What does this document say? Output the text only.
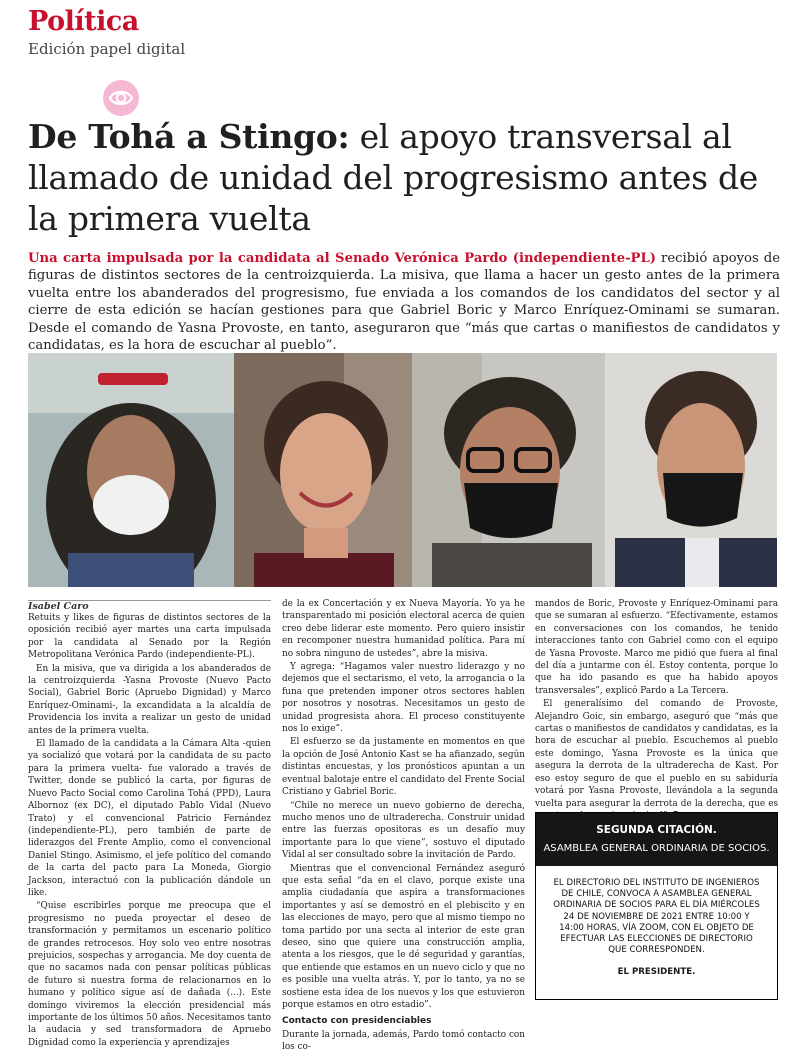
Política
Edición papel digital
De Tohá a Stingo: el apoyo transversal al llamado de unidad del progresismo antes de la primera vuelta
Una carta impulsada por la candidata al Senado Verónica Pardo (independiente-PL) recibió apoyos de figuras de distintos sectores de la centroizquierda. La misiva, que llama a hacer un gesto antes de la primera vuelta entre los abanderados del progresismo, fue enviada a los comandos de los candidatos del sector y al cierre de esta edición se hacían gestiones para que Gabriel Boric y Marco Enríquez-Ominami se sumaran. Desde el comando de Yasna Provoste, en tanto, aseguraron que “más que cartas o manifiestos de candidatos y candidatas, es la hora de escuchar al pueblo”.
Isabel Caro

Retuits y likes de figuras de distintos sectores de la oposición recibió ayer martes una carta impulsada por la candidata al Senado por la Región Metropolitana Verónica Pardo (independiente-PL).

En la misiva, que va dirigida a los abanderados de la centroizquierda -Yasna Provoste (Nuevo Pacto Social), Gabriel Boric (Apruebo Dignidad) y Marco Enríquez-Ominami-, la excandidata a la alcaldía de Providencia los invita a realizar un gesto de unidad antes de la primera vuelta.

El llamado de la candidata a la Cámara Alta -quien ya socializó que votará por la candidata de su pacto para la primera vuelta- fue valorado a través de Twitter, donde se publicó la carta, por figuras de Nuevo Pacto Social como Carolina Tohá (PPD), Laura Albornoz (ex DC), el diputado Pablo Vidal (Nuevo Trato) y el convencional Patricio Fernández (independiente-PL), pero también de parte de liderazgos del Frente Amplio, como el convencional Daniel Stingo. Asimismo, el jefe político del comando de la carta del pacto para La Moneda, Giorgio Jackson, interactuó con la publicación dándole un like.

“Quise escribirles porque me preocupa que el progresismo no pueda proyectar el deseo de transformación y permitamos un escenario político de grandes retrocesos. Hoy solo veo entre nosotras prejuicios, sospechas y arrogancia. Me doy cuenta de que no sacamos nada con pensar políticas públicas de futuro si nuestra forma de relacionarnos en lo humano y político sigue así de dañada (...). Este domingo viviremos la elección presidencial más importante de los últimos 50 años. Necesitamos tanto la audacia y sed transformadora de Apruebo Dignidad como la experiencia y aprendizajes

de la ex Concertación y ex Nueva Mayoría. Yo ya he transparentado mi posición electoral acerca de quien creo debe liderar este momento. Pero quiero insistir en recomponer nuestra humanidad política. Para mí no sobra ninguno de ustedes”, abre la misiva.

Y agrega: “Hagamos valer nuestro liderazgo y no dejemos que el sectarismo, el veto, la arrogancia o la funa que pretenden imponer otros sectores hablen por nosotros y nosotras. Necesitamos un gesto de unidad progresista ahora. El proceso constituyente nos lo exige”.

El esfuerzo se da justamente en momentos en que la opción de José Antonio Kast se ha afianzado, según distintas encuestas, y los pronósticos apuntan a un eventual balotaje entre el candidato del Frente Social Cristiano y Gabriel Boric.

“Chile no merece un nuevo gobierno de derecha, mucho menos uno de ultraderecha. Construir unidad entre las fuerzas opositoras es un desafío muy importante para lo que viene”, sostuvo el diputado Vidal al ser consultado sobre la invitación de Pardo.

Mientras que el convencional Fernández aseguró que esta señal “da en el clavo, porque existe una amplia ciudadanía que aspira a transformaciones importantes y así se demostró en el plebiscito y en las elecciones de mayo, pero que al mismo tiempo no toma partido por una secta al interior de este gran deseo, sino que quiere una construcción amplia, atenta a los riesgos, que le dé seguridad y garantías, que entiende que estamos en un nuevo ciclo y que no es posible una vuelta atrás. Y, por lo tanto, ya no se sostiene esta idea de los nuevos y los que estuvieron porque estamos en otro estadio”.

Contacto con presidenciables

Durante la jornada, además, Pardo tomó contacto con los co-

mandos de Boric, Provoste y Enríquez-Ominami para que se sumaran al esfuerzo. “Efectivamente, estamos en conversaciones con los comandos, he tenido interacciones tanto con Gabriel como con el equipo de Yasna Provoste. Marco me pidió que fuera al final del día a juntarme con él. Estoy contenta, porque lo que ha ido pasando es que ha habido apoyos transversales”, explicó Pardo a La Tercera.

El generalísimo del comando de Provoste, Alejandro Goic, sin embargo, aseguró que “más que cartas o manifiestos de candidatos y candidatas, es la hora de escuchar al pueblo. Escuchemos al pueblo este domingo, Yasna Provoste es la única que asegura la derrota de la ultraderecha de Kast. Por eso estoy seguro de que el pueblo en su sabiduría votará por Yasna Provoste, llevándola a la segunda vuelta para asegurar la derrota de la derecha, que es

SEGUNDA CITACIÓN.
ASAMBLEA GENERAL ORDINARIA DE SOCIOS.
EL DIRECTORIO DEL INSTITUTO DE INGENIEROS DE CHILE, CONVOCA A ASAMBLEA GENERAL ORDINARIA DE SOCIOS PARA EL DÍA MIÉRCOLES 24 DE NOVIEMBRE DE 2021 ENTRE 10:00 Y 14:00 HORAS, VÍA ZOOM, CON EL OBJETO DE EFECTUAR LAS ELECCIONES DE DIRECTORIO QUE CORRESPONDEN.
EL PRESIDENTE.
